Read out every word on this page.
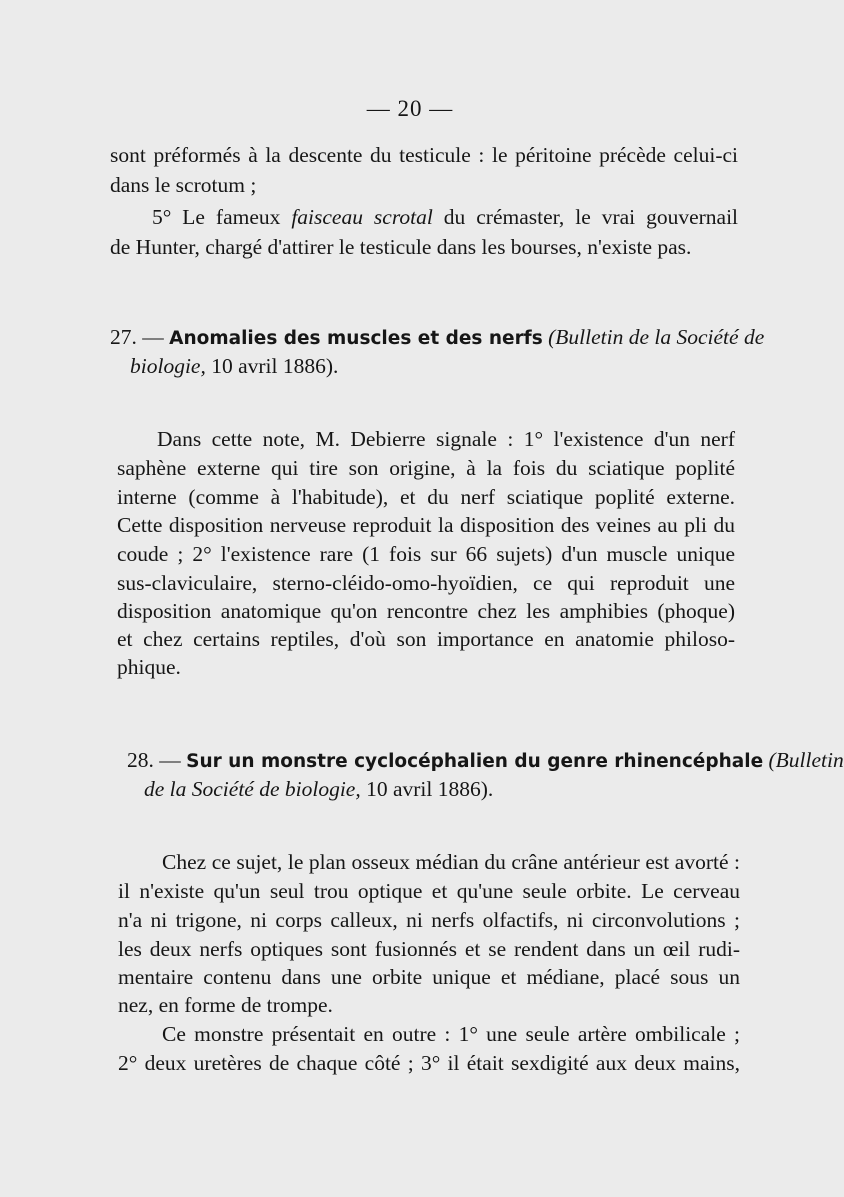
— 20 —
sont préformés à la descente du testicule : le péritoine précède celui-ci
dans le scrotum ;
5° Le fameux faisceau scrotal du crémaster, le vrai gouvernail
de Hunter, chargé d'attirer le testicule dans les bourses, n'existe pas.
27. — Anomalies des muscles et des nerfs (Bulletin de la Société de
biologie, 10 avril 1886).
Dans cette note, M. Debierre signale : 1° l'existence d'un nerf
saphène externe qui tire son origine, à la fois du sciatique poplité
interne (comme à l'habitude), et du nerf sciatique poplité externe.
Cette disposition nerveuse reproduit la disposition des veines au pli du
coude ; 2° l'existence rare (1 fois sur 66 sujets) d'un muscle unique
sus-claviculaire, sterno-cléido-omo-hyoïdien, ce qui reproduit une
disposition anatomique qu'on rencontre chez les amphibies (phoque)
et chez certains reptiles, d'où son importance en anatomie philoso-
phique.
28. — Sur un monstre cyclocéphalien du genre rhinencéphale (Bulletin
de la Société de biologie, 10 avril 1886).
Chez ce sujet, le plan osseux médian du crâne antérieur est avorté :
il n'existe qu'un seul trou optique et qu'une seule orbite. Le cerveau
n'a ni trigone, ni corps calleux, ni nerfs olfactifs, ni circonvolutions ;
les deux nerfs optiques sont fusionnés et se rendent dans un œil rudi-
mentaire contenu dans une orbite unique et médiane, placé sous un
nez, en forme de trompe.
Ce monstre présentait en outre : 1° une seule artère ombilicale ;
2° deux uretères de chaque côté ; 3° il était sexdigité aux deux mains,
